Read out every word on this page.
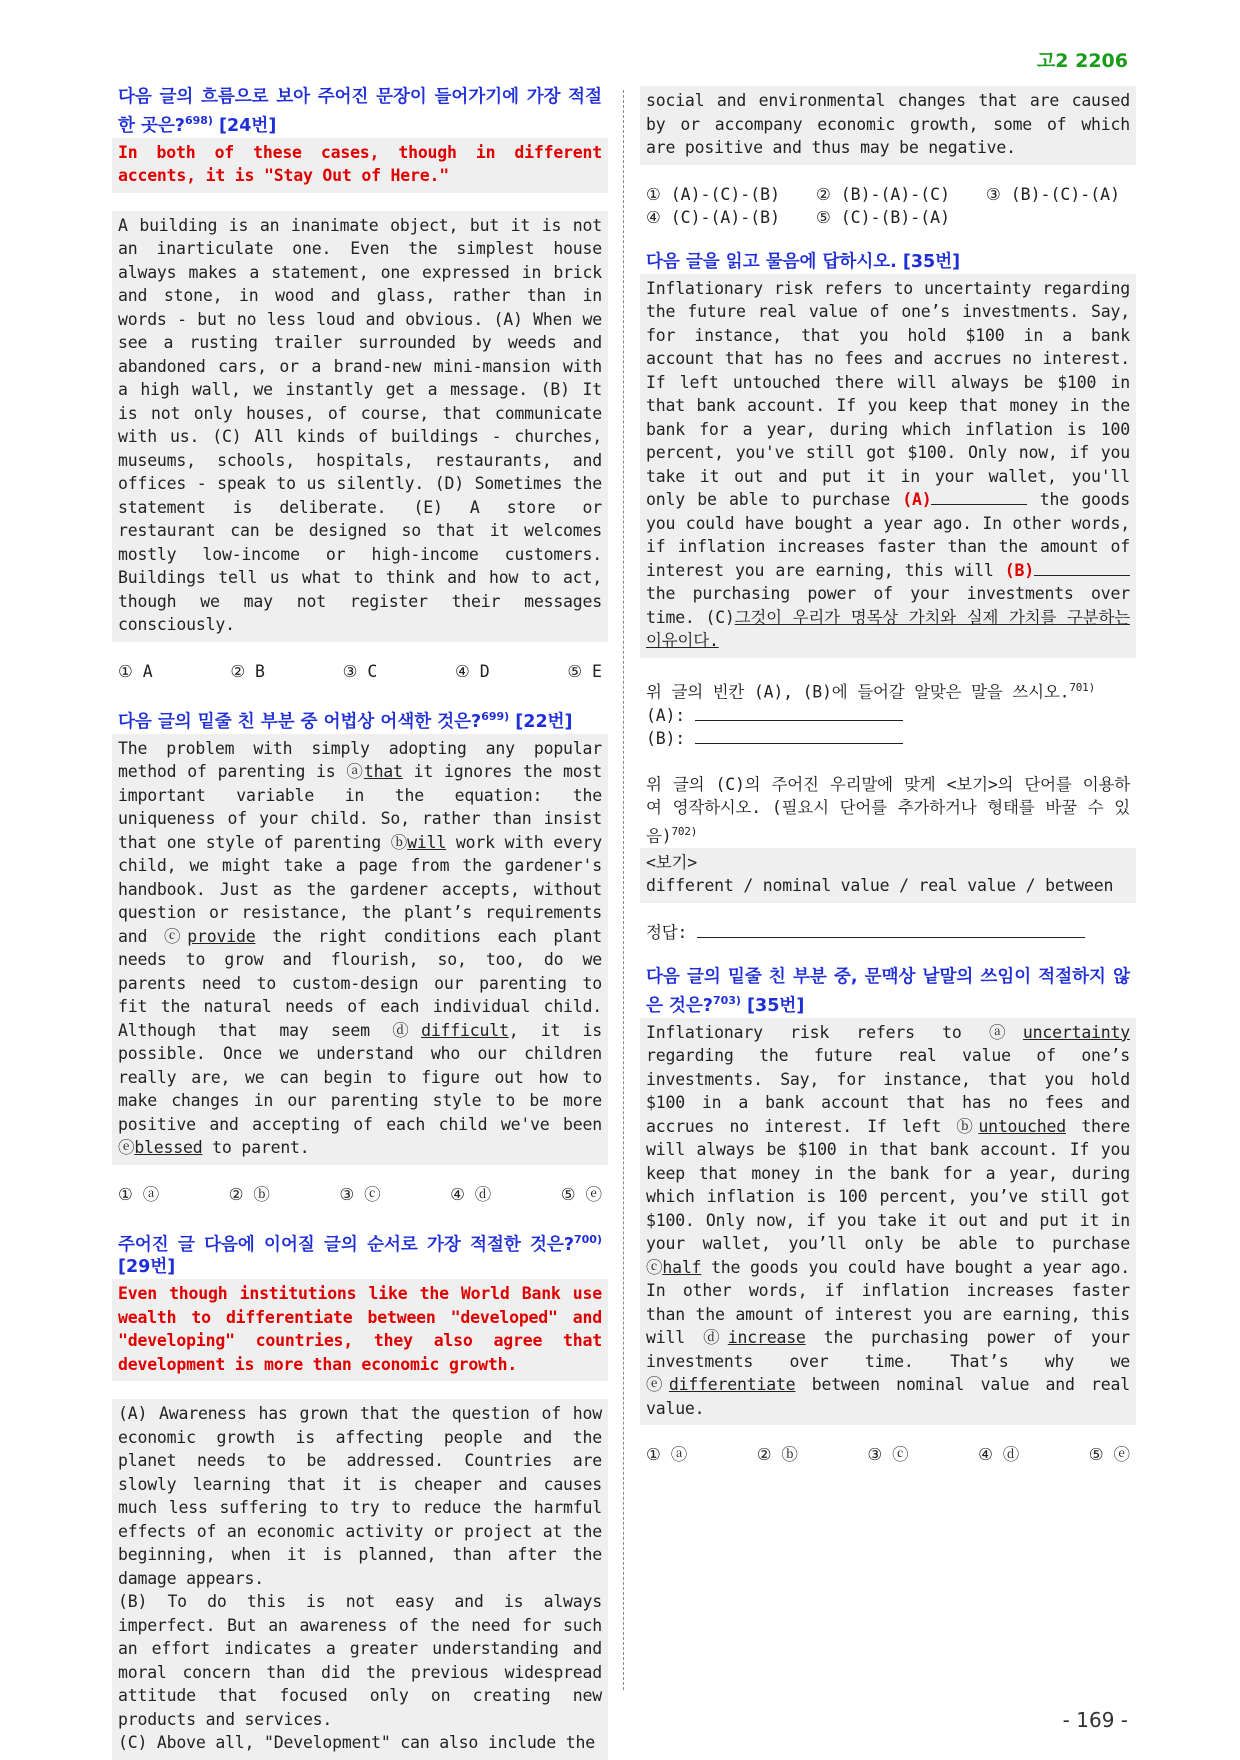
고2 2206
다음 글의 흐름으로 보아 주어진 문장이 들어가기에 가장 적절한 곳은?$^{698)}$ [24번]

In both of these cases, though in different accents, it is "Stay Out of Here."

A building is an inanimate object, but it is not an inarticulate one. Even the simplest house always makes a statement, one expressed in brick and stone, in wood and glass, rather than in words - but no less loud and obvious. (A) When we see a rusting trailer surrounded by weeds and abandoned cars, or a brand-new mini-mansion with a high wall, we instantly get a message. (B) It is not only houses, of course, that communicate with us. (C) All kinds of buildings - churches, museums, schools, hospitals, restaurants, and offices - speak to us silently. (D) Sometimes the statement is deliberate. (E) A store or restaurant can be designed so that it welcomes mostly low-income or high-income customers. Buildings tell us what to think and how to act, though we may not register their messages consciously.

① A	② B	③ C	④ D	⑤ E
다음 글의 밑줄 친 부분 중 어법상 어색한 것은?$^{699)}$ [22번]

The problem with simply adopting any popular method of parenting is ⓐthat it ignores the most important variable in the equation: the uniqueness of your child. So, rather than insist that one style of parenting ⓑwill work with every child, we might take a page from the gardener's handbook. Just as the gardener accepts, without question or resistance, the plant’s requirements and ⓒprovide the right conditions each plant needs to grow and flourish, so, too, do we parents need to custom-design our parenting to fit the natural needs of each individual child. Although that may seem ⓓdifficult, it is possible. Once we understand who our children really are, we can begin to figure out how to make changes in our parenting style to be more positive and accepting of each child we've been ⓔblessed to parent.

① ⓐ	② ⓑ	③ ⓒ	④ ⓓ	⑤ ⓔ
주어진 글 다음에 이어질 글의 순서로 가장 적절한 것은?$^{700)}$ [29번]

Even though institutions like the World Bank use wealth to differentiate between "developed" and "developing" countries, they also agree that development is more than economic growth.

(A) Awareness has grown that the question of how economic growth is affecting people and the planet needs to be addressed. Countries are slowly learning that it is cheaper and causes much less suffering to try to reduce the harmful effects of an economic activity or project at the beginning, when it is planned, than after the damage appears.

(B) To do this is not easy and is always imperfect. But an awareness of the need for such an effort indicates a greater understanding and moral concern than did the previous widespread attitude that focused only on creating new products and services.

(C) Above all, "Development" can also include the

social and environmental changes that are caused by or accompany economic growth, some of which are positive and thus may be negative.

① (A)-(C)-(B)	② (B)-(A)-(C)	③ (B)-(C)-(A)
④ (C)-(A)-(B)	⑤ (C)-(B)-(A)
다음 글을 읽고 물음에 답하시오. [35번]

Inflationary risk refers to uncertainty regarding the future real value of one’s investments. Say, for instance, that you hold $100 in a bank account that has no fees and accrues no interest. If left untouched there will always be $100 in that bank account. If you keep that money in the bank for a year, during which inflation is 100 percent, you've still got $100. Only now, if you take it out and put it in your wallet, you'll only be able to purchase (A)	the goods you could have bought a year ago. In other words, if inflation increases faster than the amount of interest you are earning, this will (B) the purchasing power of your investments over time. (C)그것이 우리가 명목상 가치와 실제 가치를 구분하는 이유이다.

위 글의 빈칸 (A), (B)에 들어갈 알맞은 말을 쓰시오.$^{701)}$

(A):

(B):

위 글의 (C)의 주어진 우리말에 맞게 <보기>의 단어를 이용하여 영작하시오. (필요시 단어를 추가하거나 형태를 바꿀 수 있음)$^{702)}$

<보기>

different / nominal value / real value / between

정답:

다음 글의 밑줄 친 부분 중, 문맥상 낱말의 쓰임이 적절하지 않은 것은?$^{703)}$ [35번]

Inflationary risk refers to ⓐuncertainty regarding the future real value of one’s investments. Say, for instance, that you hold $100 in a bank account that has no fees and accrues no interest. If left ⓑuntouched there will always be $100 in that bank account. If you keep that money in the bank for a year, during which inflation is 100 percent, you’ve still got $100. Only now, if you take it out and put it in your wallet, you’ll only be able to purchase ⓒhalf the goods you could have bought a year ago. In other words, if inflation increases faster than the amount of interest you are earning, this will ⓓincrease the purchasing power of your investments over time. That’s why we ⓔdifferentiate between nominal value and real value.

① ⓐ	② ⓑ	③ ⓒ	④ ⓓ	⑤ ⓔ
- 169 -
